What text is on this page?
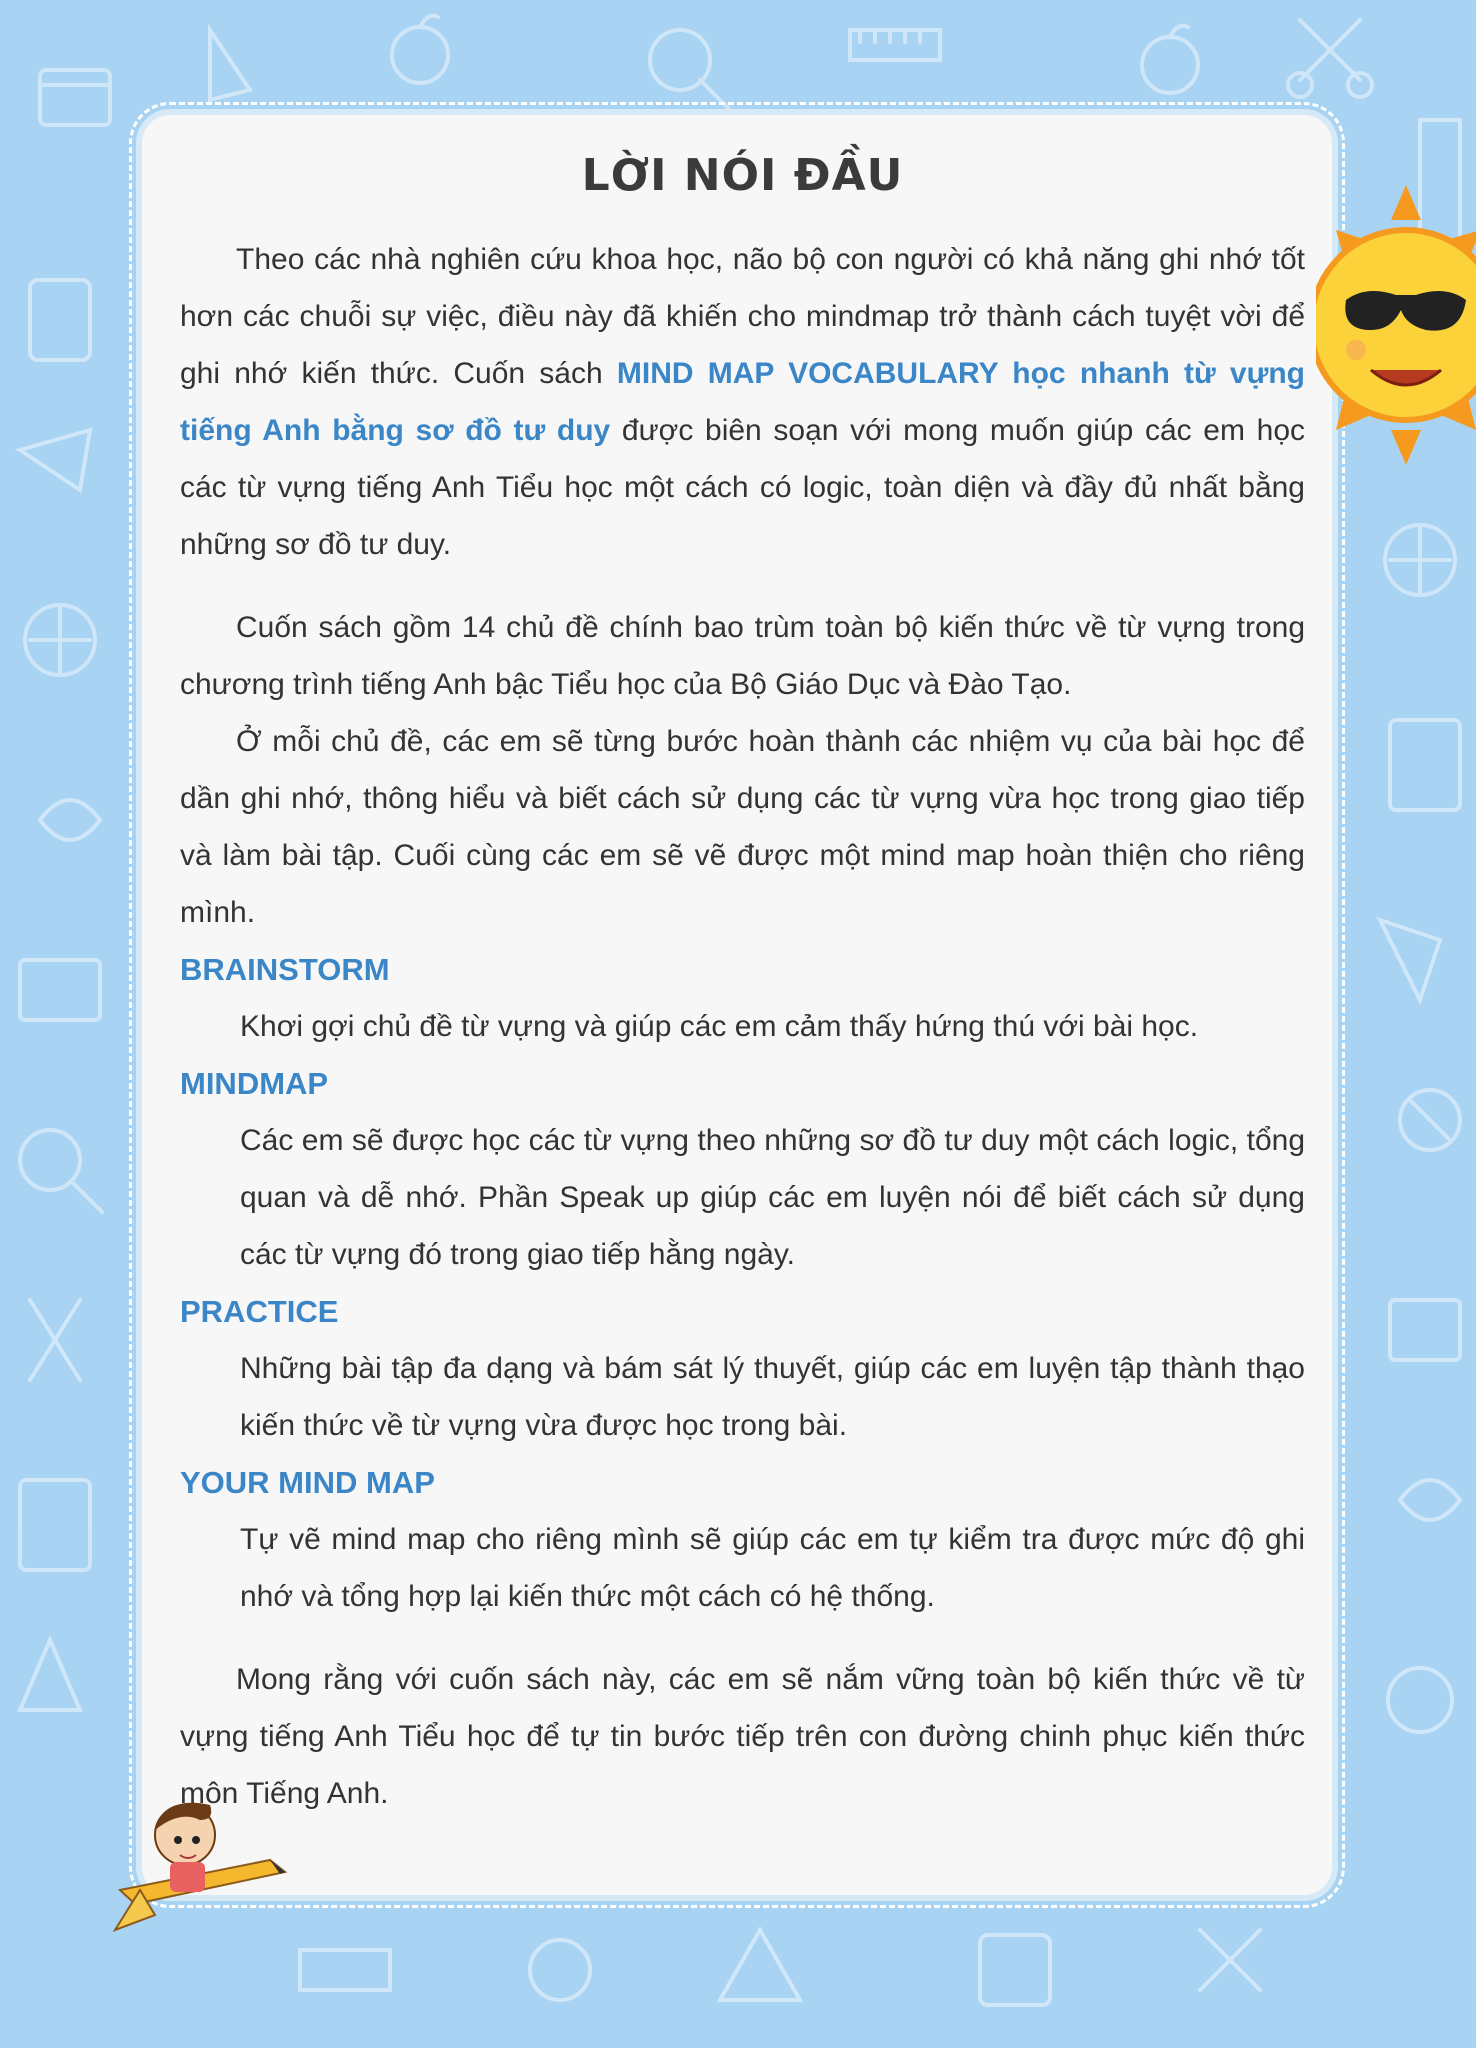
LỜI NÓI ĐẦU

Theo các nhà nghiên cứu khoa học, não bộ con người có khả năng ghi nhớ tốt hơn các chuỗi sự việc, điều này đã khiến cho mindmap trở thành cách tuyệt vời để ghi nhớ kiến thức. Cuốn sách MIND MAP VOCABULARY học nhanh từ vựng tiếng Anh bằng sơ đồ tư duy được biên soạn với mong muốn giúp các em học các từ vựng tiếng Anh Tiểu học một cách có logic, toàn diện và đầy đủ nhất bằng những sơ đồ tư duy.

Cuốn sách gồm 14 chủ đề chính bao trùm toàn bộ kiến thức về từ vựng trong chương trình tiếng Anh bậc Tiểu học của Bộ Giáo Dục và Đào Tạo.

Ở mỗi chủ đề, các em sẽ từng bước hoàn thành các nhiệm vụ của bài học để dần ghi nhớ, thông hiểu và biết cách sử dụng các từ vựng vừa học trong giao tiếp và làm bài tập. Cuối cùng các em sẽ vẽ được một mind map hoàn thiện cho riêng mình.

BRAINSTORM

Khơi gợi chủ đề từ vựng và giúp các em cảm thấy hứng thú với bài học.

MINDMAP

Các em sẽ được học các từ vựng theo những sơ đồ tư duy một cách logic, tổng quan và dễ nhớ. Phần Speak up giúp các em luyện nói để biết cách sử dụng các từ vựng đó trong giao tiếp hằng ngày.

PRACTICE

Những bài tập đa dạng và bám sát lý thuyết, giúp các em luyện tập thành thạo kiến thức về từ vựng vừa được học trong bài.

YOUR MIND MAP

Tự vẽ mind map cho riêng mình sẽ giúp các em tự kiểm tra được mức độ ghi nhớ và tổng hợp lại kiến thức một cách có hệ thống.

Mong rằng với cuốn sách này, các em sẽ nắm vững toàn bộ kiến thức về từ vựng tiếng Anh Tiểu học để tự tin bước tiếp trên con đường chinh phục kiến thức môn Tiếng Anh.
